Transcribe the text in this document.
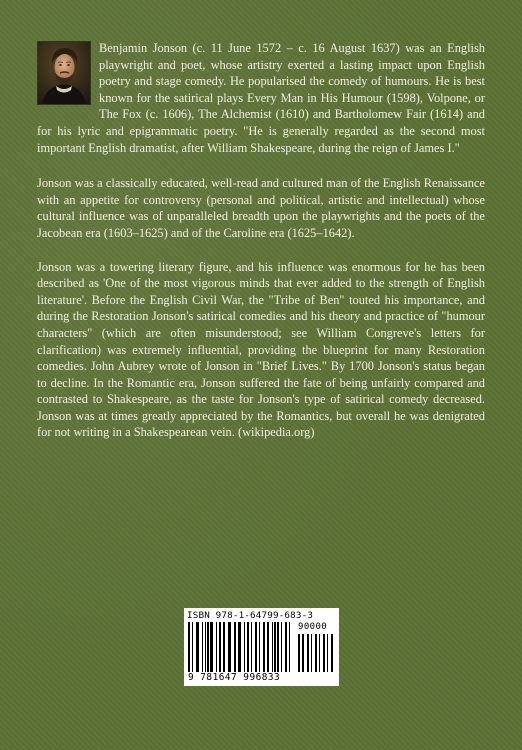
Benjamin Jonson (c. 11 June 1572 – c. 16 August 1637) was an English playwright and poet, whose artistry exerted a lasting impact upon English poetry and stage comedy. He popularised the comedy of humours. He is best known for the satirical plays Every Man in His Humour (1598), Volpone, or The Fox (c. 1606), The Alchemist (1610) and Bartholomew Fair (1614) and for his lyric and epigrammatic poetry. "He is generally regarded as the second most important English dramatist, after William Shakespeare, during the reign of James I."

Jonson was a classically educated, well-read and cultured man of the English Renaissance with an appetite for controversy (personal and political, artistic and intellectual) whose cultural influence was of unparalleled breadth upon the playwrights and the poets of the Jacobean era (1603–1625) and of the Caroline era (1625–1642).

Jonson was a towering literary figure, and his influence was enormous for he has been described as 'One of the most vigorous minds that ever added to the strength of English literature'. Before the English Civil War, the "Tribe of Ben" touted his importance, and during the Restoration Jonson's satirical comedies and his theory and practice of "humour characters" (which are often misunderstood; see William Congreve's letters for clarification) was extremely influential, providing the blueprint for many Restoration comedies. John Aubrey wrote of Jonson in "Brief Lives." By 1700 Jonson's status began to decline. In the Romantic era, Jonson suffered the fate of being unfairly compared and contrasted to Shakespeare, as the taste for Jonson's type of satirical comedy decreased. Jonson was at times greatly appreciated by the Romantics, but overall he was denigrated for not writing in a Shakespearean vein. (wikipedia.org)

ISBN 978-1-64799-683-3
90000
9 781647 996833
